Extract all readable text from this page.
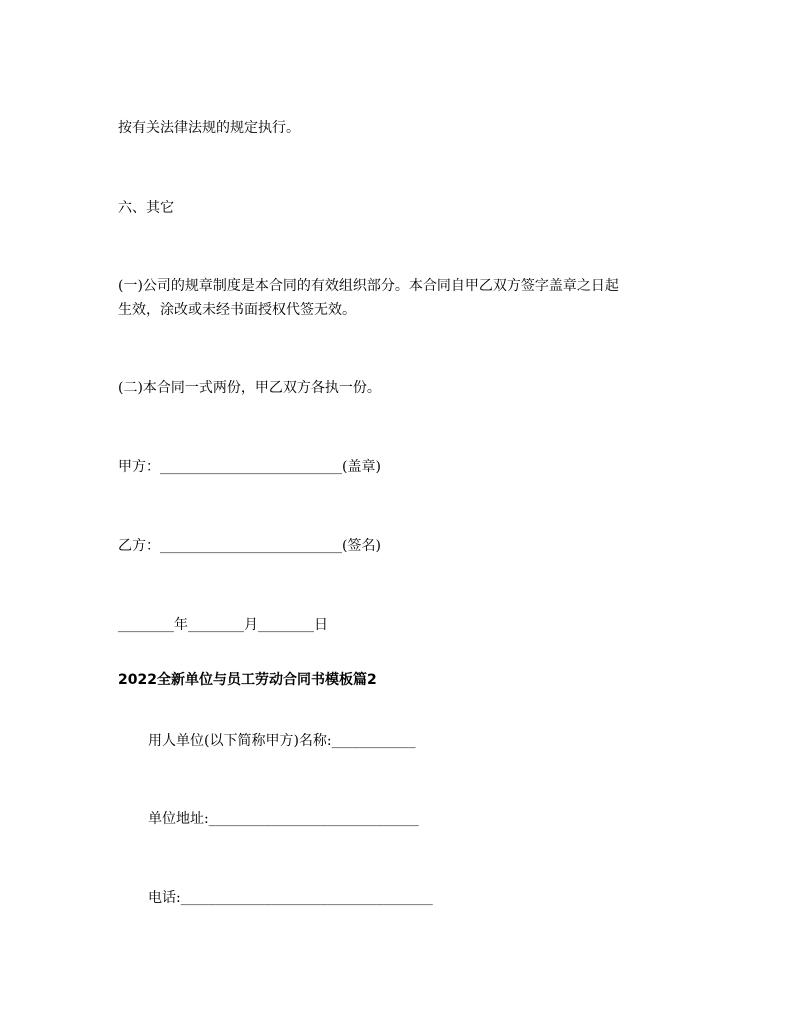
按有关法律法规的规定执行。

六、其它

(一)公司的规章制度是本合同的有效组织部分。本合同自甲乙双方签字盖章之日起

生效，涂改或未经书面授权代签无效。

(二)本合同一式两份，甲乙双方各执一份。

甲方：__________________________(盖章)

乙方：__________________________(签名)

________年________月________日

2022全新单位与员工劳动合同书模板篇2

用人单位(以下简称甲方)名称:____________

单位地址:______________________________

电话:____________________________________
